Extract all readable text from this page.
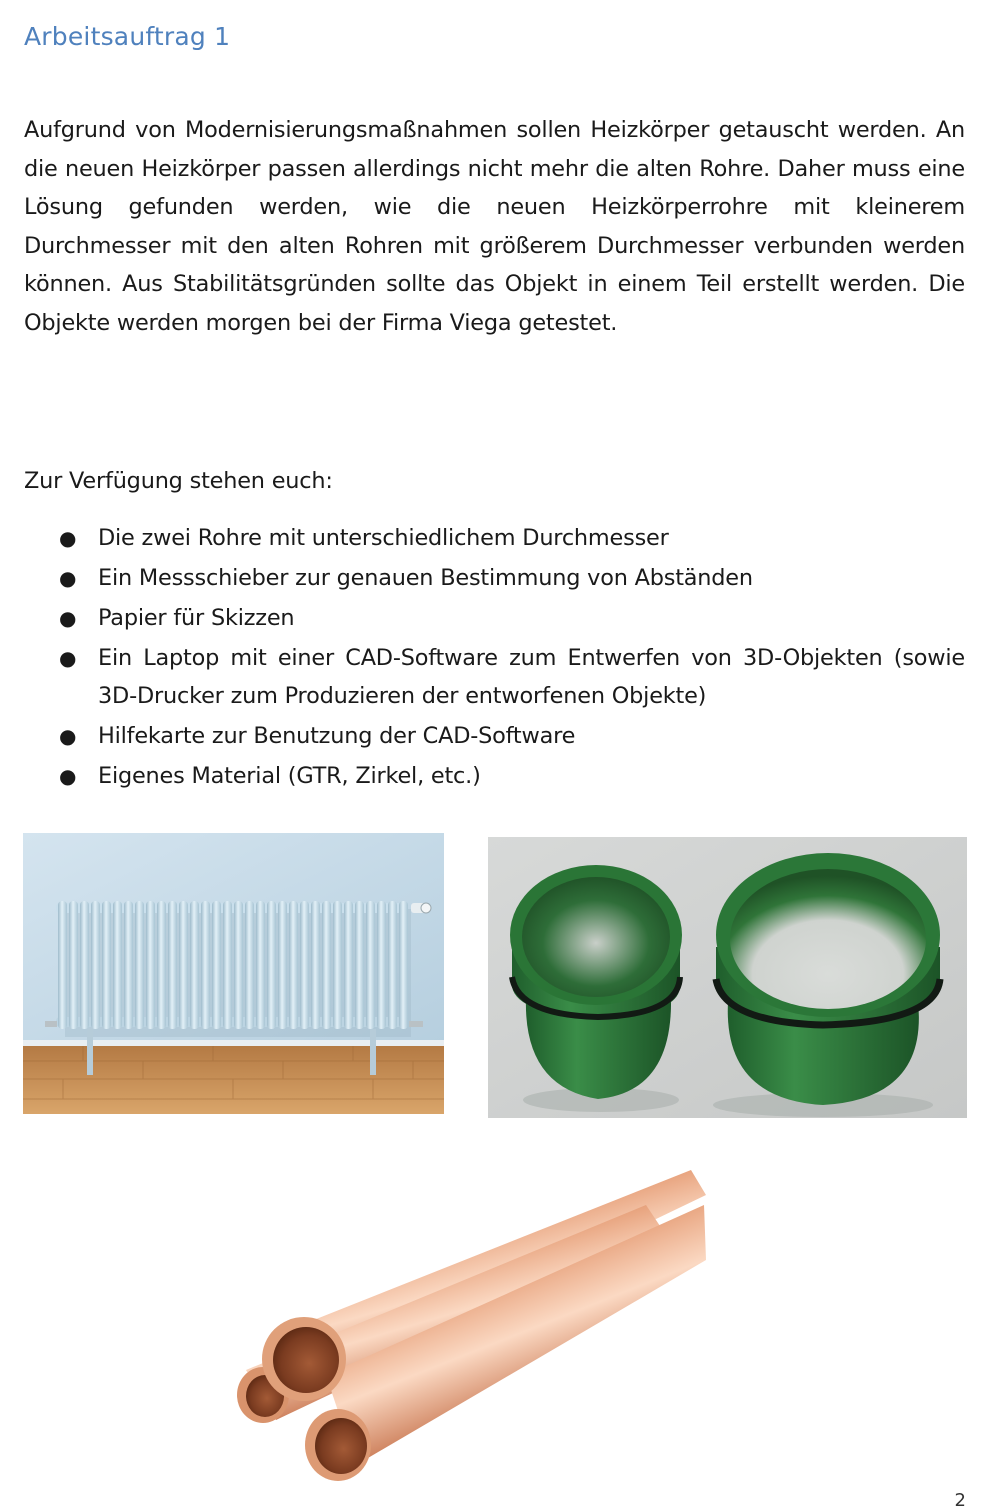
Arbeitsauftrag 1

Aufgrund von Modernisierungsmaßnahmen sollen Heizkörper getauscht werden. An die neuen Heizkörper passen allerdings nicht mehr die alten Rohre. Daher muss eine Lösung gefunden werden, wie die neuen Heizkörperrohre mit kleinerem Durchmesser mit den alten Rohren mit größerem Durchmesser verbunden werden können. Aus Stabilitätsgründen sollte das Objekt in einem Teil erstellt werden. Die Objekte werden morgen bei der Firma Viega getestet.

Zur Verfügung stehen euch:

● Die zwei Rohre mit unterschiedlichem Durchmesser
● Ein Messschieber zur genauen Bestimmung von Abständen
● Papier für Skizzen
● Ein Laptop mit einer CAD-Software zum Entwerfen von 3D-Objekten (sowie 3D-Drucker zum Produzieren der entworfenen Objekte)
● Hilfekarte zur Benutzung der CAD-Software
● Eigenes Material (GTR, Zirkel, etc.)
2
